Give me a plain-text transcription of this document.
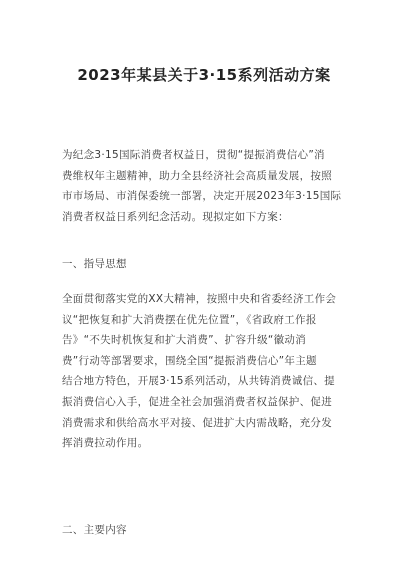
2023年某县关于3·15系列活动方案
为纪念3·15国际消费者权益日，贯彻“提振消费信心”消
费维权年主题精神，助力全县经济社会高质量发展，按照
市市场局、市消保委统一部署，决定开展2023年3·15国际
消费者权益日系列纪念活动。现拟定如下方案：
一、指导思想
全面贯彻落实党的XX大精神，按照中央和省委经济工作会
议“把恢复和扩大消费摆在优先位置”，《省政府工作报
告》“不失时机恢复和扩大消费”、扩容升级“徽动消
费”行动等部署要求，围绕全国“提振消费信心”年主题
结合地方特色，开展3·15系列活动，从共铸消费诚信、提
振消费信心入手，促进全社会加强消费者权益保护、促进
消费需求和供给高水平对接、促进扩大内需战略，充分发
挥消费拉动作用。
二、主要内容
